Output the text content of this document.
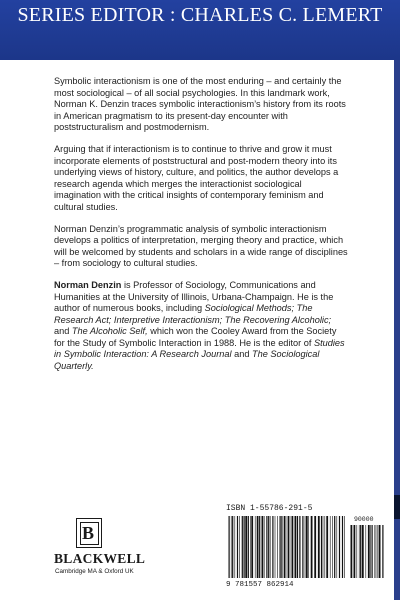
SERIES EDITOR : CHARLES C. LEMERT

Symbolic interactionism is one of the most enduring – and certainly the most sociological – of all social psychologies. In this landmark work, Norman K. Denzin traces symbolic interactionism’s history from its roots in American pragmatism to its present-day encounter with poststructuralism and postmodernism.

Arguing that if interactionism is to continue to thrive and grow it must incorporate elements of poststructural and post-modern theory into its underlying views of history, culture, and politics, the author develops a research agenda which merges the interactionist sociological imagination with the critical insights of contemporary feminism and cultural studies.

Norman Denzin’s programmatic analysis of symbolic interactionism develops a politics of interpretation, merging theory and practice, which will be welcomed by students and scholars in a wide range of disciplines – from sociology to cultural studies.

Norman Denzin is Professor of Sociology, Communications and Humanities at the University of Illinois, Urbana-Champaign. He is the author of numerous books, including Sociological Methods; The Research Act; Interpretive Interactionism; The Recovering Alcoholic; and The Alcoholic Self, which won the Cooley Award from the Society for the Study of Symbolic Interaction in 1988. He is the editor of Studies in Symbolic Interaction: A Research Journal and The Sociological Quarterly.

B
BLACKWELL
Cambridge MA & Oxford UK
ISBN 1-55786-291-5
90000
9 781557 862914
